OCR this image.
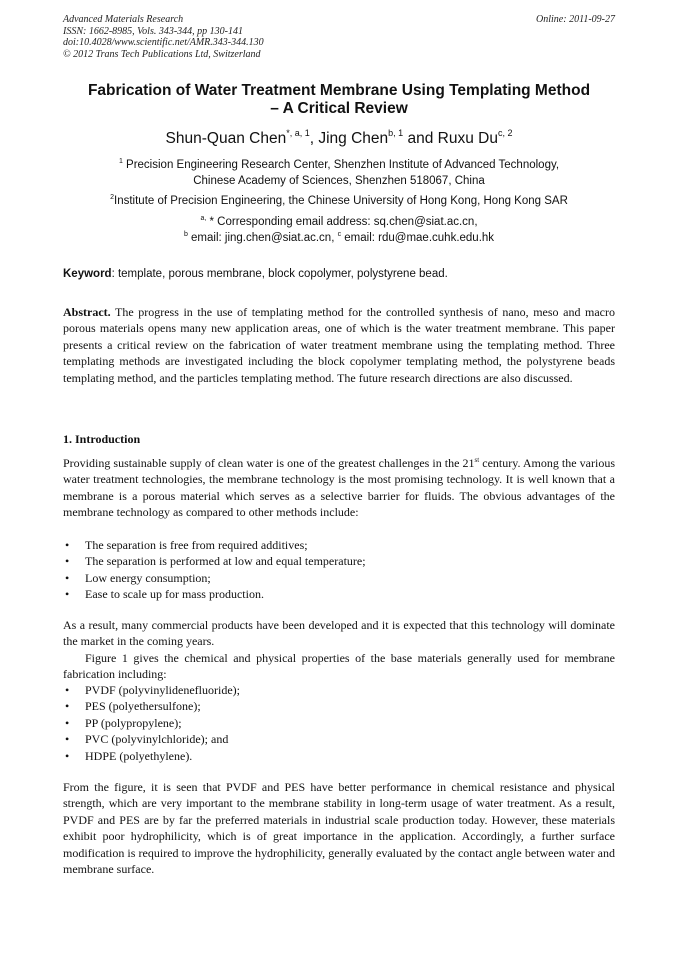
Advanced Materials Research
ISSN: 1662-8985, Vols. 343-344, pp 130-141
doi:10.4028/www.scientific.net/AMR.343-344.130
© 2012 Trans Tech Publications Ltd, Switzerland
Online: 2011-09-27
Fabrication of Water Treatment Membrane Using Templating Method
– A Critical Review
Shun-Quan Chen$^{*, a, 1}$, Jing Chen$^{b, 1}$ and Ruxu Du$^{c, 2}$
$^1$ Precision Engineering Research Center, Shenzhen Institute of Advanced Technology,
Chinese Academy of Sciences, Shenzhen 518067, China
$^2$Institute of Precision Engineering, the Chinese University of Hong Kong, Hong Kong SAR
$^{a,}$ * Corresponding email address: sq.chen@siat.ac.cn,
$^b$ email: jing.chen@siat.ac.cn, $^c$ email: rdu@mae.cuhk.edu.hk
Keyword: template, porous membrane, block copolymer, polystyrene bead.
Abstract. The progress in the use of templating method for the controlled synthesis of nano, meso and macro porous materials opens many new application areas, one of which is the water treatment membrane. This paper presents a critical review on the fabrication of water treatment membrane using the templating method. Three templating methods are investigated including the block copolymer templating method, the polystyrene beads templating method, and the particles templating method. The future research directions are also discussed.
1. Introduction
Providing sustainable supply of clean water is one of the greatest challenges in the 21st century. Among the various water treatment technologies, the membrane technology is the most promising technology. It is well known that a membrane is a porous material which serves as a selective barrier for fluids. The obvious advantages of the membrane technology as compared to other methods include:
• The separation is free from required additives;
• The separation is performed at low and equal temperature;
• Low energy consumption;
• Ease to scale up for mass production.
As a result, many commercial products have been developed and it is expected that this technology will dominate the market in the coming years.
Figure 1 gives the chemical and physical properties of the base materials generally used for membrane fabrication including:
• PVDF (polyvinylidenefluoride);
• PES (polyethersulfone);
• PP (polypropylene);
• PVC (polyvinylchloride); and
• HDPE (polyethylene).
From the figure, it is seen that PVDF and PES have better performance in chemical resistance and physical strength, which are very important to the membrane stability in long-term usage of water treatment. As a result, PVDF and PES are by far the preferred materials in industrial scale production today. However, these materials exhibit poor hydrophilicity, which is of great importance in the application. Accordingly, a further surface modification is required to improve the hydrophilicity, generally evaluated by the contact angle between water and membrane surface.
